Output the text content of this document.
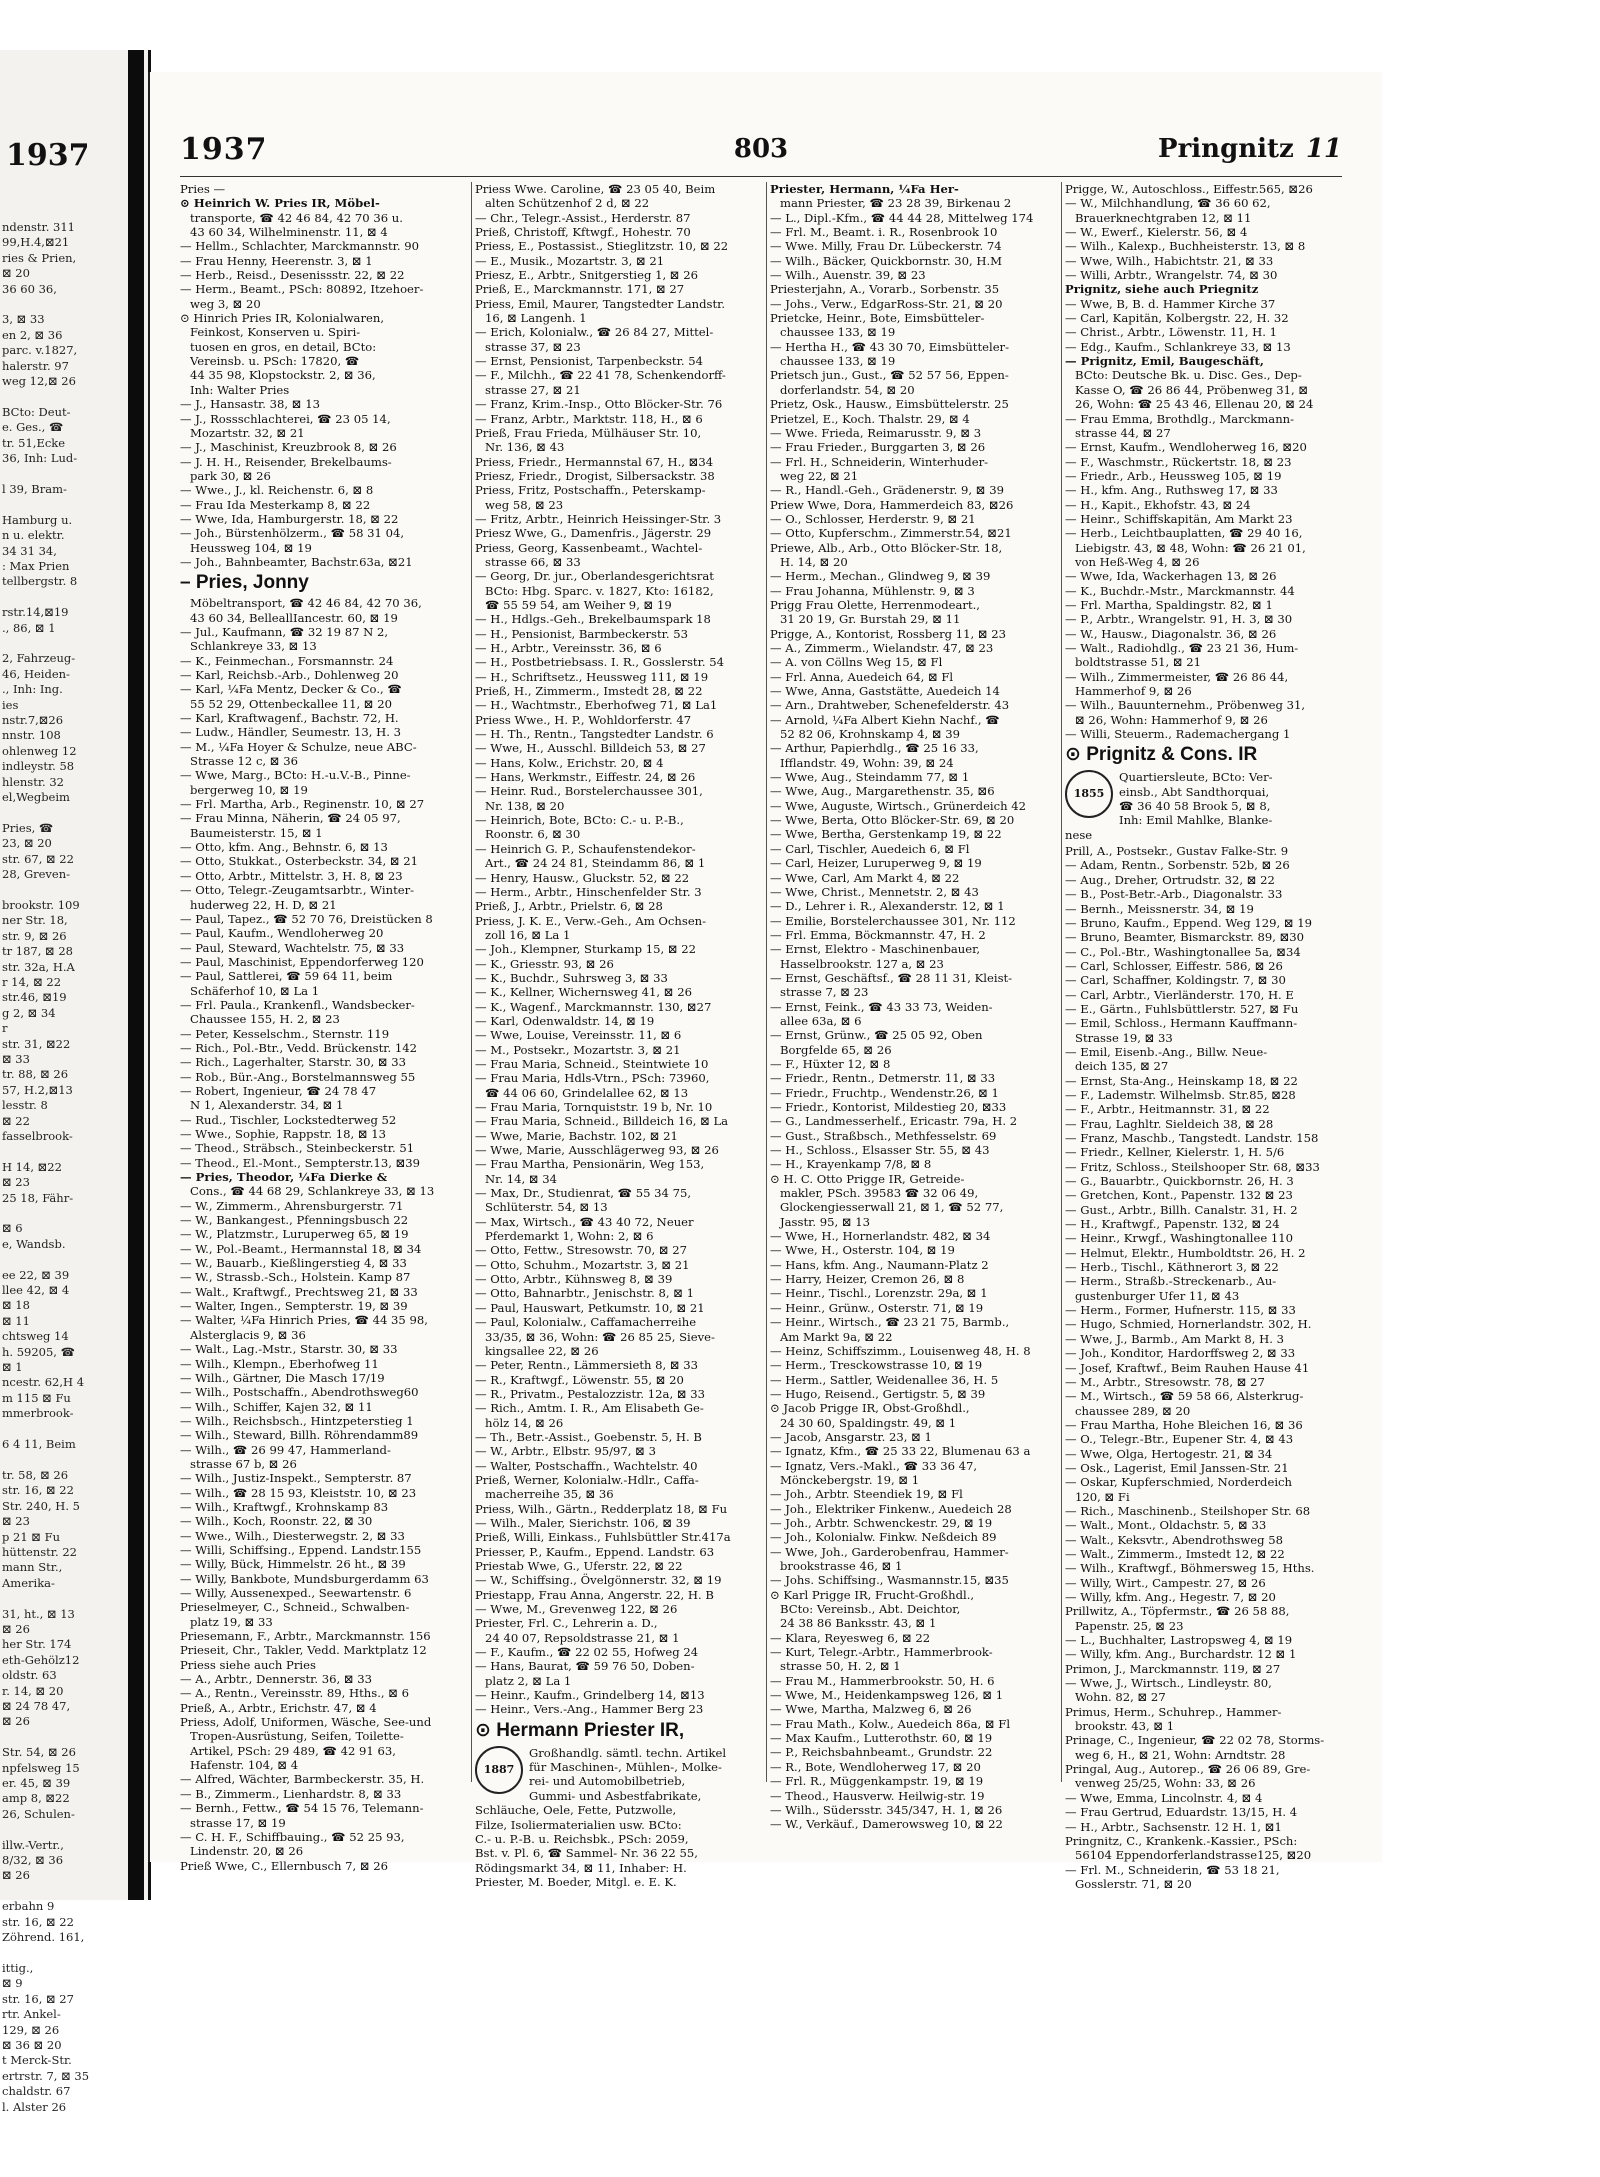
1937
ndenstr. 311
99,H.4,⊠21
ries & Prien,
⊠ 20
36 60 36,

3, ⊠ 33
en 2, ⊠ 36
parc. v.1827,
halerstr. 97
weg 12,⊠ 26

BCto: Deut-
e. Ges., ☎
tr. 51,Ecke
36, Inh: Lud-

l 39, Bram-

Hamburg u.
n u. elektr.
34 31 34,
: Max Prien
tellbergstr. 8

rstr.14,⊠19
., 86, ⊠ 1

2, Fahrzeug-
46, Heiden-
., Inh: Ing.
ies
nstr.7,⊠26
nnstr. 108
ohlenweg 12
indleystr. 58
hlenstr. 32
el,Wegbeim

Pries, ☎
23, ⊠ 20
str. 67, ⊠ 22
28, Greven-

brookstr. 109
ner Str. 18,
str. 9, ⊠ 26
tr 187, ⊠ 28
str. 32a, H.A
r 14, ⊠ 22
str.46, ⊠19
g 2, ⊠ 34
r
str. 31, ⊠22
⊠ 33
tr. 88, ⊠ 26
57, H.2,⊠13
lesstr. 8
⊠ 22
fasselbrook-

H 14, ⊠22
⊠ 23
25 18, Fähr-

⊠ 6
e, Wandsb.

ee 22, ⊠ 39
llee 42, ⊠ 4
⊠ 18
⊠ 11
chtsweg 14
h. 59205, ☎
⊠ 1
ncestr. 62,H 4
m 115 ⊠ Fu
mmerbrook-

6 4 11, Beim

tr. 58, ⊠ 26
str. 16, ⊠ 22
Str. 240, H. 5
⊠ 23
p 21 ⊠ Fu
hüttenstr. 22
mann Str.,
Amerika-

31, ht., ⊠ 13
⊠ 26
her Str. 174
eth-Gehölz12
oldstr. 63
r. 14, ⊠ 20
⊠ 24 78 47,
⊠ 26

Str. 54, ⊠ 26
npfelsweg 15
er. 45, ⊠ 39
amp 8, ⊠22
26, Schulen-

illw.-Vertr.,
8/32, ⊠ 36
⊠ 26

erbahn 9
str. 16, ⊠ 22
Zöhrend. 161,

ittig.,
⊠ 9
str. 16, ⊠ 27
rtr. Ankel-
129, ⊠ 26
⊠ 36 ⊠ 20
t Merck-Str.
ertrstr. 7, ⊠ 35
chaldstr. 67
l. Alster 26
1937	803	Pringnitz 11
Pries —
⊙ Heinrich W. Pries IR, Möbel-
transporte, ☎ 42 46 84, 42 70 36 u.
43 60 34, Wilhelminenstr. 11, ⊠ 4
— Hellm., Schlachter, Marckmannstr. 90
— Frau Henny, Heerenstr. 3, ⊠ 1
— Herb., Reisd., Desenissstr. 22, ⊠ 22
— Herm., Beamt., PSch: 80892, Itzehoer-
weg 3, ⊠ 20
⊙ Hinrich Pries IR, Kolonialwaren,
Feinkost, Konserven u. Spiri-
tuosen en gros, en detail, BCto:
Vereinsb. u. PSch: 17820, ☎
44 35 98, Klopstockstr. 2, ⊠ 36,
Inh: Walter Pries
— J., Hansastr. 38, ⊠ 13
— J., Rossschlachterei, ☎ 23 05 14,
Mozartstr. 32, ⊠ 21
— J., Maschinist, Kreuzbrook 8, ⊠ 26
— J. H. H., Reisender, Brekelbaums-
park 30, ⊠ 26
— Wwe., J., kl. Reichenstr. 6, ⊠ 8
— Frau Ida Mesterkamp 8, ⊠ 22
— Wwe, Ida, Hamburgerstr. 18, ⊠ 22
— Joh., Bürstenhölzerm., ☎ 58 31 04,
Heussweg 104, ⊠ 19
— Joh., Bahnbeamter, Bachstr.63a, ⊠21
– Pries, Jonny
Möbeltransport, ☎ 42 46 84, 42 70 36,
43 60 34, BelleallIancestr. 60, ⊠ 19
— Jul., Kaufmann, ☎ 32 19 87 N 2,
Schlankreye 33, ⊠ 13
— K., Feinmechan., Forsmannstr. 24
— Karl, Reichsb.-Arb., Dohlenweg 20
— Karl, ¼Fa Mentz, Decker & Co., ☎
55 52 29, Ottenbeckallee 11, ⊠ 20
— Karl, Kraftwagenf., Bachstr. 72, H.
— Ludw., Händler, Seumestr. 13, H. 3
— M., ¼Fa Hoyer & Schulze, neue ABC-
Strasse 12 c, ⊠ 36
— Wwe, Marg., BCto: H.-u.V.-B., Pinne-
bergerweg 10, ⊠ 19
— Frl. Martha, Arb., Reginenstr. 10, ⊠ 27
— Frau Minna, Näherin, ☎ 24 05 97,
Baumeisterstr. 15, ⊠ 1
— Otto, kfm. Ang., Behnstr. 6, ⊠ 13
— Otto, Stukkat., Osterbeckstr. 34, ⊠ 21
— Otto, Arbtr., Mittelstr. 3, H. 8, ⊠ 23
— Otto, Telegr.-Zeugamtsarbtr., Winter-
huderweg 22, H. D, ⊠ 21
— Paul, Tapez., ☎ 52 70 76, Dreistücken 8
— Paul, Kaufm., Wendloherweg 20
— Paul, Steward, Wachtelstr. 75, ⊠ 33
— Paul, Maschinist, Eppendorferweg 120
— Paul, Sattlerei, ☎ 59 64 11, beim
Schäferhof 10, ⊠ La 1
— Frl. Paula., Krankenfl., Wandsbecker-
Chaussee 155, H. 2, ⊠ 23
— Peter, Kesselschm., Sternstr. 119
— Rich., Pol.-Btr., Vedd. Brückenstr. 142
— Rich., Lagerhalter, Starstr. 30, ⊠ 33
— Rob., Bür.-Ang., Borstelmannsweg 55
— Robert, Ingenieur, ☎ 24 78 47
N 1, Alexanderstr. 34, ⊠ 1
— Rud., Tischler, Lockstedterweg 52
— Wwe., Sophie, Rappstr. 18, ⊠ 13
— Theod., Sträbsch., Steinbeckerstr. 51
— Theod., El.-Mont., Sempterstr.13, ⊠39
— Pries, Theodor, ¼Fa Dierke &
Cons., ☎ 44 68 29, Schlankreye 33, ⊠ 13
— W., Zimmerm., Ahrensburgerstr. 71
— W., Bankangest., Pfenningsbusch 22
— W., Platzmstr., Luruperweg 65, ⊠ 19
— W., Pol.-Beamt., Hermannstal 18, ⊠ 34
— W., Bauarb., Kießlingerstieg 4, ⊠ 33
— W., Strassb.-Sch., Holstein. Kamp 87
— Walt., Kraftwgf., Prechtsweg 21, ⊠ 33
— Walter, Ingen., Sempterstr. 19, ⊠ 39
— Walter, ¼Fa Hinrich Pries, ☎ 44 35 98,
Alsterglacis 9, ⊠ 36
— Walt., Lag.-Mstr., Starstr. 30, ⊠ 33
— Wilh., Klempn., Eberhofweg 11
— Wilh., Gärtner, Die Masch 17/19
— Wilh., Postschaffn., Abendrothsweg60
— Wilh., Schiffer, Kajen 32, ⊠ 11
— Wilh., Reichsbsch., Hintzpeterstieg 1
— Wilh., Steward, Billh. Röhrendamm89
— Wilh., ☎ 26 99 47, Hammerland-
strasse 67 b, ⊠ 26
— Wilh., Justiz-Inspekt., Sempterstr. 87
— Wilh., ☎ 28 15 93, Kleiststr. 10, ⊠ 23
— Wilh., Kraftwgf., Krohnskamp 83
— Wilh., Koch, Roonstr. 22, ⊠ 30
— Wwe., Wilh., Diesterwegstr. 2, ⊠ 33
— Willi, Schiffsing., Eppend. Landstr.155
— Willy, Bück, Himmelstr. 26 ht., ⊠ 39
— Willy, Bankbote, Mundsburgerdamm 63
— Willy, Aussenexped., Seewartenstr. 6
Prieselmeyer, C., Schneid., Schwalben-
platz 19, ⊠ 33
Priesemann, F., Arbtr., Marckmannstr. 156
Prieseit, Chr., Takler, Vedd. Marktplatz 12
Priess siehe auch Pries
— A., Arbtr., Dennerstr. 36, ⊠ 33
— A., Rentn., Vereinsstr. 89, Hths., ⊠ 6
Prieß, A., Arbtr., Erichstr. 47, ⊠ 4
Priess, Adolf, Uniformen, Wäsche, See-und
Tropen-Ausrüstung, Seifen, Toilette-
Artikel, PSch: 29 489, ☎ 42 91 63,
Hafenstr. 104, ⊠ 4
— Alfred, Wächter, Barmbeckerstr. 35, H.
— B., Zimmerm., Lienhardstr. 8, ⊠ 33
— Bernh., Fettw., ☎ 54 15 76, Telemann-
strasse 17, ⊠ 19
— C. H. F., Schiffbauing., ☎ 52 25 93,
Lindenstr. 20, ⊠ 26
Prieß Wwe, C., Ellernbusch 7, ⊠ 26
Priess Wwe. Caroline, ☎ 23 05 40, Beim
alten Schützenhof 2 d, ⊠ 22
— Chr., Telegr.-Assist., Herderstr. 87
Prieß, Christoff, Kftwgf., Hohestr. 70
Priess, E., Postassist., Stieglitzstr. 10, ⊠ 22
— E., Musik., Mozartstr. 3, ⊠ 21
Priesz, E., Arbtr., Snitgerstieg 1, ⊠ 26
Prieß, E., Marckmannstr. 171, ⊠ 27
Priess, Emil, Maurer, Tangstedter Landstr.
16, ⊠ Langenh. 1
— Erich, Kolonialw., ☎ 26 84 27, Mittel-
strasse 37, ⊠ 23
— Ernst, Pensionist, Tarpenbeckstr. 54
— F., Milchh., ☎ 22 41 78, Schenkendorff-
strasse 27, ⊠ 21
— Franz, Krim.-Insp., Otto Blöcker-Str. 76
— Franz, Arbtr., Marktstr. 118, H., ⊠ 6
Prieß, Frau Frieda, Mülhäuser Str. 10,
Nr. 136, ⊠ 43
Priess, Friedr., Hermannstal 67, H., ⊠34
Priesz, Friedr., Drogist, Silbersackstr. 38
Priess, Fritz, Postschaffn., Peterskamp-
weg 58, ⊠ 23
— Fritz, Arbtr., Heinrich Heissinger-Str. 3
Priesz Wwe, G., Damenfris., Jägerstr. 29
Priess, Georg, Kassenbeamt., Wachtel-
strasse 66, ⊠ 33
— Georg, Dr. jur., Oberlandesgerichtsrat
BCto: Hbg. Sparc. v. 1827, Kto: 16182,
☎ 55 59 54, am Weiher 9, ⊠ 19
— H., Hdlgs.-Geh., Brekelbaumspark 18
— H., Pensionist, Barmbeckerstr. 53
— H., Arbtr., Vereinsstr. 36, ⊠ 6
— H., Postbetriebsass. I. R., Gosslerstr. 54
— H., Schriftsetz., Heussweg 111, ⊠ 19
Prieß, H., Zimmerm., Imstedt 28, ⊠ 22
— H., Wachtmstr., Eberhofweg 71, ⊠ La1
Priess Wwe., H. P., Wohldorferstr. 47
— H. Th., Rentn., Tangstedter Landstr. 6
— Wwe, H., Ausschl. Billdeich 53, ⊠ 27
— Hans, Kolw., Erichstr. 20, ⊠ 4
— Hans, Werkmstr., Eiffestr. 24, ⊠ 26
— Heinr. Rud., Borstelerchaussee 301,
Nr. 138, ⊠ 20
— Heinrich, Bote, BCto: C.- u. P.-B.,
Roonstr. 6, ⊠ 30
— Heinrich G. P., Schaufenstendekor-
Art., ☎ 24 24 81, Steindamm 86, ⊠ 1
— Henry, Hausw., Gluckstr. 52, ⊠ 22
— Herm., Arbtr., Hinschenfelder Str. 3
Prieß, J., Arbtr., Prielstr. 6, ⊠ 28
Priess, J. K. E., Verw.-Geh., Am Ochsen-
zoll 16, ⊠ La 1
— Joh., Klempner, Sturkamp 15, ⊠ 22
— K., Griesstr. 93, ⊠ 26
— K., Buchdr., Suhrsweg 3, ⊠ 33
— K., Kellner, Wichernsweg 41, ⊠ 26
— K., Wagenf., Marckmannstr. 130, ⊠27
— Karl, Odenwaldstr. 14, ⊠ 19
— Wwe, Louise, Vereinsstr. 11, ⊠ 6
— M., Postsekr., Mozartstr. 3, ⊠ 21
— Frau Maria, Schneid., Steintwiete 10
— Frau Maria, Hdls-Vtrn., PSch: 73960,
☎ 44 06 60, Grindelallee 62, ⊠ 13
— Frau Maria, Tornquiststr. 19 b, Nr. 10
— Frau Maria, Schneid., Billdeich 16, ⊠ La
— Wwe, Marie, Bachstr. 102, ⊠ 21
— Wwe, Marie, Ausschlägerweg 93, ⊠ 26
— Frau Martha, Pensionärin, Weg 153,
Nr. 14, ⊠ 34
— Max, Dr., Studienrat, ☎ 55 34 75,
Schlüterstr. 54, ⊠ 13
— Max, Wirtsch., ☎ 43 40 72, Neuer
Pferdemarkt 1, Wohn: 2, ⊠ 6
— Otto, Fettw., Stresowstr. 70, ⊠ 27
— Otto, Schuhm., Mozartstr. 3, ⊠ 21
— Otto, Arbtr., Kühnsweg 8, ⊠ 39
— Otto, Bahnarbtr., Jenischstr. 8, ⊠ 1
— Paul, Hauswart, Petkumstr. 10, ⊠ 21
— Paul, Kolonialw., Caffamacherreihe
33/35, ⊠ 36, Wohn: ☎ 26 85 25, Sieve-
kingsallee 22, ⊠ 26
— Peter, Rentn., Lämmersieth 8, ⊠ 33
— R., Kraftwgf., Löwenstr. 55, ⊠ 20
— R., Privatm., Pestalozzistr. 12a, ⊠ 33
— Rich., Amtm. I. R., Am Elisabeth Ge-
hölz 14, ⊠ 26
— Th., Betr.-Assist., Goebenstr. 5, H. B
— W., Arbtr., Elbstr. 95/97, ⊠ 3
— Walter, Postschaffn., Wachtelstr. 40
Prieß, Werner, Kolonialw.-Hdlr., Caffa-
macherreihe 35, ⊠ 36
Priess, Wilh., Gärtn., Redderplatz 18, ⊠ Fu
— Wilh., Maler, Sierichstr. 106, ⊠ 39
Prieß, Willi, Einkass., Fuhlsbüttler Str.417a
Priesser, P., Kaufm., Eppend. Landstr. 63
Priestab Wwe, G., Uferstr. 22, ⊠ 22
— W., Schiffsing., Övelgönnerstr. 32, ⊠ 19
Priestapp, Frau Anna, Angerstr. 22, H. B
— Wwe, M., Grevenweg 122, ⊠ 26
Priester, Frl. C., Lehrerin a. D.,
24 40 07, Repsoldstrasse 21, ⊠ 1
— F., Kaufm., ☎ 22 02 55, Hofweg 24
— Hans, Baurat, ☎ 59 76 50, Doben-
platz 2, ⊠ La 1
— Heinr., Kaufm., Grindelberg 14, ⊠13
— Heinr., Vers.-Ang., Hammer Berg 23
⊙ Hermann Priester IR,
1887
Großhandlg. sämtl. techn. Artikel
für Maschinen-, Mühlen-, Molke-
rei- und Automobilbetrieb,
Gummi- und Asbestfabrikate,
Schläuche, Oele, Fette, Putzwolle,
Filze, Isoliermaterialien usw. BCto:
C.- u. P.-B. u. Reichsbk., PSch: 2059,
Bst. v. Pl. 6, ☎ Sammel- Nr. 36 22 55,
Rödingsmarkt 34, ⊠ 11, Inhaber: H.
Priester, M. Boeder, Mitgl. e. E. K.
Priester, Hermann, ¼Fa Her-
mann Priester, ☎ 23 28 39, Birkenau 2
— L., Dipl.-Kfm., ☎ 44 44 28, Mittelweg 174
— Frl. M., Beamt. i. R., Rosenbrook 10
— Wwe. Milly, Frau Dr. Lübeckerstr. 74
— Wilh., Bäcker, Quickbornstr. 30, H.M
— Wilh., Auenstr. 39, ⊠ 23
Priesterjahn, A., Vorarb., Sorbenstr. 35
— Johs., Verw., EdgarRoss-Str. 21, ⊠ 20
Prietcke, Heinr., Bote, Eimsbütteler-
chaussee 133, ⊠ 19
— Hertha H., ☎ 43 30 70, Eimsbütteler-
chaussee 133, ⊠ 19
Prietsch jun., Gust., ☎ 52 57 56, Eppen-
dorferlandstr. 54, ⊠ 20
Prietz, Osk., Hausw., Eimsbüttelerstr. 25
Prietzel, E., Koch. Thalstr. 29, ⊠ 4
— Wwe. Frieda, Reimarusstr. 9, ⊠ 3
— Frau Frieder., Burggarten 3, ⊠ 26
— Frl. H., Schneiderin, Winterhuder-
weg 22, ⊠ 21
— R., Handl.-Geh., Grädenerstr. 9, ⊠ 39
Priew Wwe, Dora, Hammerdeich 83, ⊠26
— O., Schlosser, Herderstr. 9, ⊠ 21
— Otto, Kupferschm., Zimmerstr.54, ⊠21
Priewe, Alb., Arb., Otto Blöcker-Str. 18,
H. 14, ⊠ 20
— Herm., Mechan., Glindweg 9, ⊠ 39
— Frau Johanna, Mühlenstr. 9, ⊠ 3
Prigg Frau Olette, Herrenmodeart.,
31 20 19, Gr. Burstah 29, ⊠ 11
Prigge, A., Kontorist, Rossberg 11, ⊠ 23
— A., Zimmerm., Wielandstr. 47, ⊠ 23
— A. von Cöllns Weg 15, ⊠ Fl
— Frl. Anna, Auedeich 64, ⊠ Fl
— Wwe, Anna, Gaststätte, Auedeich 14
— Arn., Drahtweber, Schenefelderstr. 43
— Arnold, ¼Fa Albert Kiehn Nachf., ☎
52 82 06, Krohnskamp 4, ⊠ 39
— Arthur, Papierhdlg., ☎ 25 16 33,
Ifflandstr. 49, Wohn: 39, ⊠ 24
— Wwe, Aug., Steindamm 77, ⊠ 1
— Wwe, Aug., Margarethenstr. 35, ⊠6
— Wwe, Auguste, Wirtsch., Grünerdeich 42
— Wwe, Berta, Otto Blöcker-Str. 69, ⊠ 20
— Wwe, Bertha, Gerstenkamp 19, ⊠ 22
— Carl, Tischler, Auedeich 6, ⊠ Fl
— Carl, Heizer, Luruperweg 9, ⊠ 19
— Wwe, Carl, Am Markt 4, ⊠ 22
— Wwe, Christ., Mennetstr. 2, ⊠ 43
— D., Lehrer i. R., Alexanderstr. 12, ⊠ 1
— Emilie, Borstelerchaussee 301, Nr. 112
— Frl. Emma, Böckmannstr. 47, H. 2
— Ernst, Elektro - Maschinenbauer,
Hasselbrookstr. 127 a, ⊠ 23
— Ernst, Geschäftsf., ☎ 28 11 31, Kleist-
strasse 7, ⊠ 23
— Ernst, Feink., ☎ 43 33 73, Weiden-
allee 63a, ⊠ 6
— Ernst, Grünw., ☎ 25 05 92, Oben
Borgfelde 65, ⊠ 26
— F., Hüxter 12, ⊠ 8
— Friedr., Rentn., Detmerstr. 11, ⊠ 33
— Friedr., Fruchtp., Wendenstr.26, ⊠ 1
— Friedr., Kontorist, Mildestieg 20, ⊠33
— G., Landmesserhelf., Ericastr. 79a, H. 2
— Gust., Straßbsch., Methfesselstr. 69
— H., Schloss., Elsasser Str. 55, ⊠ 43
— H., Krayenkamp 7/8, ⊠ 8
⊙ H. C. Otto Prigge IR, Getreide-
makler, PSch. 39583 ☎ 32 06 49,
Glockengiesserwall 21, ⊠ 1, ☎ 52 77,
Jasstr. 95, ⊠ 13
— Wwe, H., Hornerlandstr. 482, ⊠ 34
— Wwe, H., Osterstr. 104, ⊠ 19
— Hans, kfm. Ang., Naumann-Platz 2
— Harry, Heizer, Cremon 26, ⊠ 8
— Heinr., Tischl., Lorenzstr. 29a, ⊠ 1
— Heinr., Grünw., Osterstr. 71, ⊠ 19
— Heinr., Wirtsch., ☎ 23 21 75, Barmb.,
Am Markt 9a, ⊠ 22
— Heinz, Schiffszimm., Louisenweg 48, H. 8
— Herm., Tresckowstrasse 10, ⊠ 19
— Herm., Sattler, Weidenallee 36, H. 5
— Hugo, Reisend., Gertigstr. 5, ⊠ 39
⊙ Jacob Prigge IR, Obst-Großhdl.,
24 30 60, Spaldingstr. 49, ⊠ 1
— Jacob, Ansgarstr. 23, ⊠ 1
— Ignatz, Kfm., ☎ 25 33 22, Blumenau 63 a
— Ignatz, Vers.-Makl., ☎ 33 36 47,
Mönckebergstr. 19, ⊠ 1
— Joh., Arbtr. Steendiek 19, ⊠ Fl
— Joh., Elektriker Finkenw., Auedeich 28
— Joh., Arbtr. Schwenckestr. 29, ⊠ 19
— Joh., Kolonialw. Finkw. Neßdeich 89
— Wwe, Joh., Garderobenfrau, Hammer-
brookstrasse 46, ⊠ 1
— Johs. Schiffsing., Wasmannstr.15, ⊠35
⊙ Karl Prigge IR, Frucht-Großhdl.,
BCto: Vereinsb., Abt. Deichtor,
24 38 86 Banksstr. 43, ⊠ 1
— Klara, Reyesweg 6, ⊠ 22
— Kurt, Telegr.-Arbtr., Hammerbrook-
strasse 50, H. 2, ⊠ 1
— Frau M., Hammerbrookstr. 50, H. 6
— Wwe, M., Heidenkampsweg 126, ⊠ 1
— Wwe, Martha, Malzweg 6, ⊠ 26
— Frau Math., Kolw., Auedeich 86a, ⊠ Fl
— Max Kaufm., Lutterothstr. 60, ⊠ 19
— P., Reichsbahnbeamt., Grundstr. 22
— R., Bote, Wendloherweg 17, ⊠ 20
— Frl. R., Müggenkampstr. 19, ⊠ 19
— Theod., Hausverw. Heilwig-str. 19
— Wilh., Südersstr. 345/347, H. 1, ⊠ 26
— W., Verkäuf., Damerowsweg 10, ⊠ 22
Prigge, W., Autoschloss., Eiffestr.565, ⊠26
— W., Milchhandlung, ☎ 36 60 62,
Brauerknechtgraben 12, ⊠ 11
— W., Ewerf., Kielerstr. 56, ⊠ 4
— Wilh., Kalexp., Buchheisterstr. 13, ⊠ 8
— Wwe, Wilh., Habichtstr. 21, ⊠ 33
— Willi, Arbtr., Wrangelstr. 74, ⊠ 30
Prignitz, siehe auch Priegnitz
— Wwe, B, B. d. Hammer Kirche 37
— Carl, Kapitän, Kolbergstr. 22, H. 32
— Christ., Arbtr., Löwenstr. 11, H. 1
— Edg., Kaufm., Schlankreye 33, ⊠ 13
— Prignitz, Emil, Baugeschäft,
BCto: Deutsche Bk. u. Disc. Ges., Dep-
Kasse O, ☎ 26 86 44, Pröbenweg 31, ⊠
26, Wohn: ☎ 25 43 46, Ellenau 20, ⊠ 24
— Frau Emma, Brothdlg., Marckmann-
strasse 44, ⊠ 27
— Ernst, Kaufm., Wendloherweg 16, ⊠20
— F., Waschmstr., Rückertstr. 18, ⊠ 23
— Friedr., Arb., Heussweg 105, ⊠ 19
— H., kfm. Ang., Ruthsweg 17, ⊠ 33
— H., Kapit., Ekhofstr. 43, ⊠ 24
— Heinr., Schiffskapitän, Am Markt 23
— Herb., Leichtbauplatten, ☎ 29 40 16,
Liebigstr. 43, ⊠ 48, Wohn: ☎ 26 21 01,
von Heß-Weg 4, ⊠ 26
— Wwe, Ida, Wackerhagen 13, ⊠ 26
— K., Buchdr.-Mstr., Marckmannstr. 44
— Frl. Martha, Spaldingstr. 82, ⊠ 1
— P., Arbtr., Wrangelstr. 91, H. 3, ⊠ 30
— W., Hausw., Diagonalstr. 36, ⊠ 26
— Walt., Radiohdlg., ☎ 23 21 36, Hum-
boldtstrasse 51, ⊠ 21
— Wilh., Zimmermeister, ☎ 26 86 44,
Hammerhof 9, ⊠ 26
— Wilh., Bauunternehm., Pröbenweg 31,
⊠ 26, Wohn: Hammerhof 9, ⊠ 26
— Willi, Steuerm., Rademachergang 1
⊙ Prignitz & Cons. IR
1855
Quartiersleute, BCto: Ver-
einsb., Abt Sandthorquai,
☎ 36 40 58 Brook 5, ⊠ 8,
Inh: Emil Mahlke, Blanke-
nese
Prill, A., Postsekr., Gustav Falke-Str. 9
— Adam, Rentn., Sorbenstr. 52b, ⊠ 26
— Aug., Dreher, Ortrudstr. 32, ⊠ 22
— B., Post-Betr.-Arb., Diagonalstr. 33
— Bernh., Meissnerstr. 34, ⊠ 19
— Bruno, Kaufm., Eppend. Weg 129, ⊠ 19
— Bruno, Beamter, Bismarckstr. 89, ⊠30
— C., Pol.-Btr., Washingtonallee 5a, ⊠34
— Carl, Schlosser, Eiffestr. 586, ⊠ 26
— Carl, Schaffner, Koldingstr. 7, ⊠ 30
— Carl, Arbtr., Vierländerstr. 170, H. E
— E., Gärtn., Fuhlsbüttlerstr. 527, ⊠ Fu
— Emil, Schloss., Hermann Kauffmann-
Strasse 19, ⊠ 33
— Emil, Eisenb.-Ang., Billw. Neue-
deich 135, ⊠ 27
— Ernst, Sta-Ang., Heinskamp 18, ⊠ 22
— F., Lademstr. Wilhelmsb. Str.85, ⊠28
— F., Arbtr., Heitmannstr. 31, ⊠ 22
— Frau, Laghltr. Sieldeich 38, ⊠ 28
— Franz, Maschb., Tangstedt. Landstr. 158
— Friedr., Kellner, Kielerstr. 1, H. 5/6
— Fritz, Schloss., Steilshooper Str. 68, ⊠33
— G., Bauarbtr., Quickbornstr. 26, H. 3
— Gretchen, Kont., Papenstr. 132 ⊠ 23
— Gust., Arbtr., Billh. Canalstr. 31, H. 2
— H., Kraftwgf., Papenstr. 132, ⊠ 24
— Heinr., Krwgf., Washingtonallee 110
— Helmut, Elektr., Humboldtstr. 26, H. 2
— Herb., Tischl., Käthnerort 3, ⊠ 22
— Herm., Straßb.-Streckenarb., Au-
gustenburger Ufer 11, ⊠ 43
— Herm., Former, Hufnerstr. 115, ⊠ 33
— Hugo, Schmied, Hornerlandstr. 302, H.
— Wwe, J., Barmb., Am Markt 8, H. 3
— Joh., Konditor, Hardorffsweg 2, ⊠ 33
— Josef, Kraftwf., Beim Rauhen Hause 41
— M., Arbtr., Stresowstr. 78, ⊠ 27
— M., Wirtsch., ☎ 59 58 66, Alsterkrug-
chaussee 289, ⊠ 20
— Frau Martha, Hohe Bleichen 16, ⊠ 36
— O., Telegr.-Btr., Eupener Str. 4, ⊠ 43
— Wwe, Olga, Hertogestr. 21, ⊠ 34
— Osk., Lagerist, Emil Janssen-Str. 21
— Oskar, Kupferschmied, Norderdeich
120, ⊠ Fi
— Rich., Maschinenb., Steilshoper Str. 68
— Walt., Mont., Oldachstr. 5, ⊠ 33
— Walt., Keksvtr., Abendrothsweg 58
— Walt., Zimmerm., Imstedt 12, ⊠ 22
— Wilh., Kraftwgf., Böhmersweg 15, Hths.
— Willy, Wirt., Campestr. 27, ⊠ 26
— Willy, kfm. Ang., Hegestr. 7, ⊠ 20
Prillwitz, A., Töpfermstr., ☎ 26 58 88,
Papenstr. 25, ⊠ 23
— L., Buchhalter, Lastropsweg 4, ⊠ 19
— Willy, kfm. Ang., Burchardstr. 12 ⊠ 1
Primon, J., Marckmannstr. 119, ⊠ 27
— Wwe, J., Wirtsch., Lindleystr. 80,
Wohn. 82, ⊠ 27
Primus, Herm., Schuhrep., Hammer-
brookstr. 43, ⊠ 1
Prinage, C., Ingenieur, ☎ 22 02 78, Storms-
weg 6, H., ⊠ 21, Wohn: Arndtstr. 28
Pringal, Aug., Autorep., ☎ 26 06 89, Gre-
venweg 25/25, Wohn: 33, ⊠ 26
— Wwe, Emma, Lincolnstr. 4, ⊠ 4
— Frau Gertrud, Eduardstr. 13/15, H. 4
— H., Arbtr., Sachsenstr. 12 H. 1, ⊠1
Pringnitz, C., Krankenk.-Kassier., PSch:
56104 Eppendorferlandstrasse125, ⊠20
— Frl. M., Schneiderin, ☎ 53 18 21,
Gosslerstr. 71, ⊠ 20
